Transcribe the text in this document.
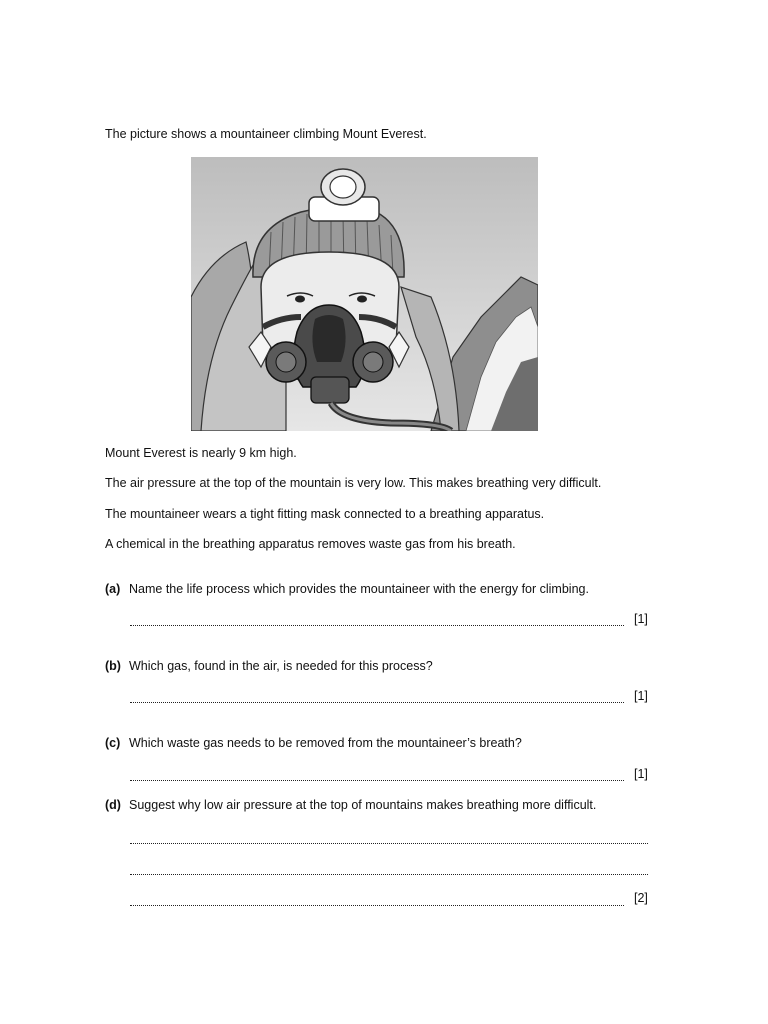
The picture shows a mountaineer climbing Mount Everest.
Mount Everest is nearly 9 km high.
The air pressure at the top of the mountain is very low. This makes breathing very difficult.
The mountaineer wears a tight fitting mask connected to a breathing apparatus.
A chemical in the breathing apparatus removes waste gas from his breath.
(a) Name the life process which provides the mountaineer with the energy for climbing.
[1]
(b) Which gas, found in the air, is needed for this process?
[1]
(c) Which waste gas needs to be removed from the mountaineer’s breath?
[1]
(d) Suggest why low air pressure at the top of mountains makes breathing more difficult.
[2]
